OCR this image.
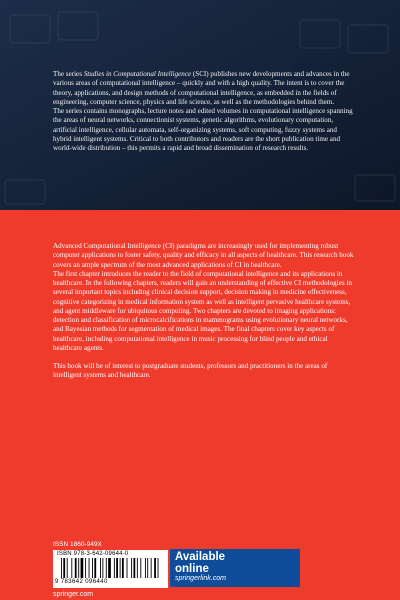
The series Studies in Computational Intelligence (SCI) publishes new developments and advances in the various areas of computational intelligence – quickly and with a high quality. The intent is to cover the theory, applications, and design methods of computational intelligence, as embedded in the fields of engineering, computer science, physics and life science, as well as the methodologies behind them.

The series contains monographs, lecture notes and edited volumes in computational intelligence spanning the areas of neural networks, connectionist systems, genetic algorithms, evolutionary computation, artificial intelligence, cellular automata, self-organizing systems, soft computing, fuzzy systems and hybrid intelligent systems. Critical to both contributors and readers are the short publication time and world-wide distribution – this permits a rapid and broad dissemination of research results.

Advanced Computational Intelligence (CI) paradigms are increasingly used for implementing robust computer applications to foster safety, quality and efficacy in all aspects of healthcare. This research book covers an ample spectrum of the most advanced applications of CI in healthcare.

The first chapter introduces the reader to the field of computational intelligence and its applications in healthcare. In the following chapters, readers will gain an understanding of effective CI methodologies in several important topics including clinical decision support, decision making in medicine effectiveness, cognitive categorizing in medical information system as well as intelligent pervasive healthcare systems, and agent middleware for ubiquitous computing. Two chapters are devoted to imaging applications: detection and classification of microcalcifications in mammograms using evolutionary neural networks, and Bayesian methods for segmentation of medical images. The final chapters cover key aspects of healthcare, including computational intelligence in music processing for blind people and ethical healthcare agents.

This book will be of interest to postgraduate students, professors and practitioners in the areas of intelligent systems and healthcare.

ISSN 1860-949X
ISBN 978-3-642-09644-0
9 783642 096440
Available
online
springerlink.com
springer.com
